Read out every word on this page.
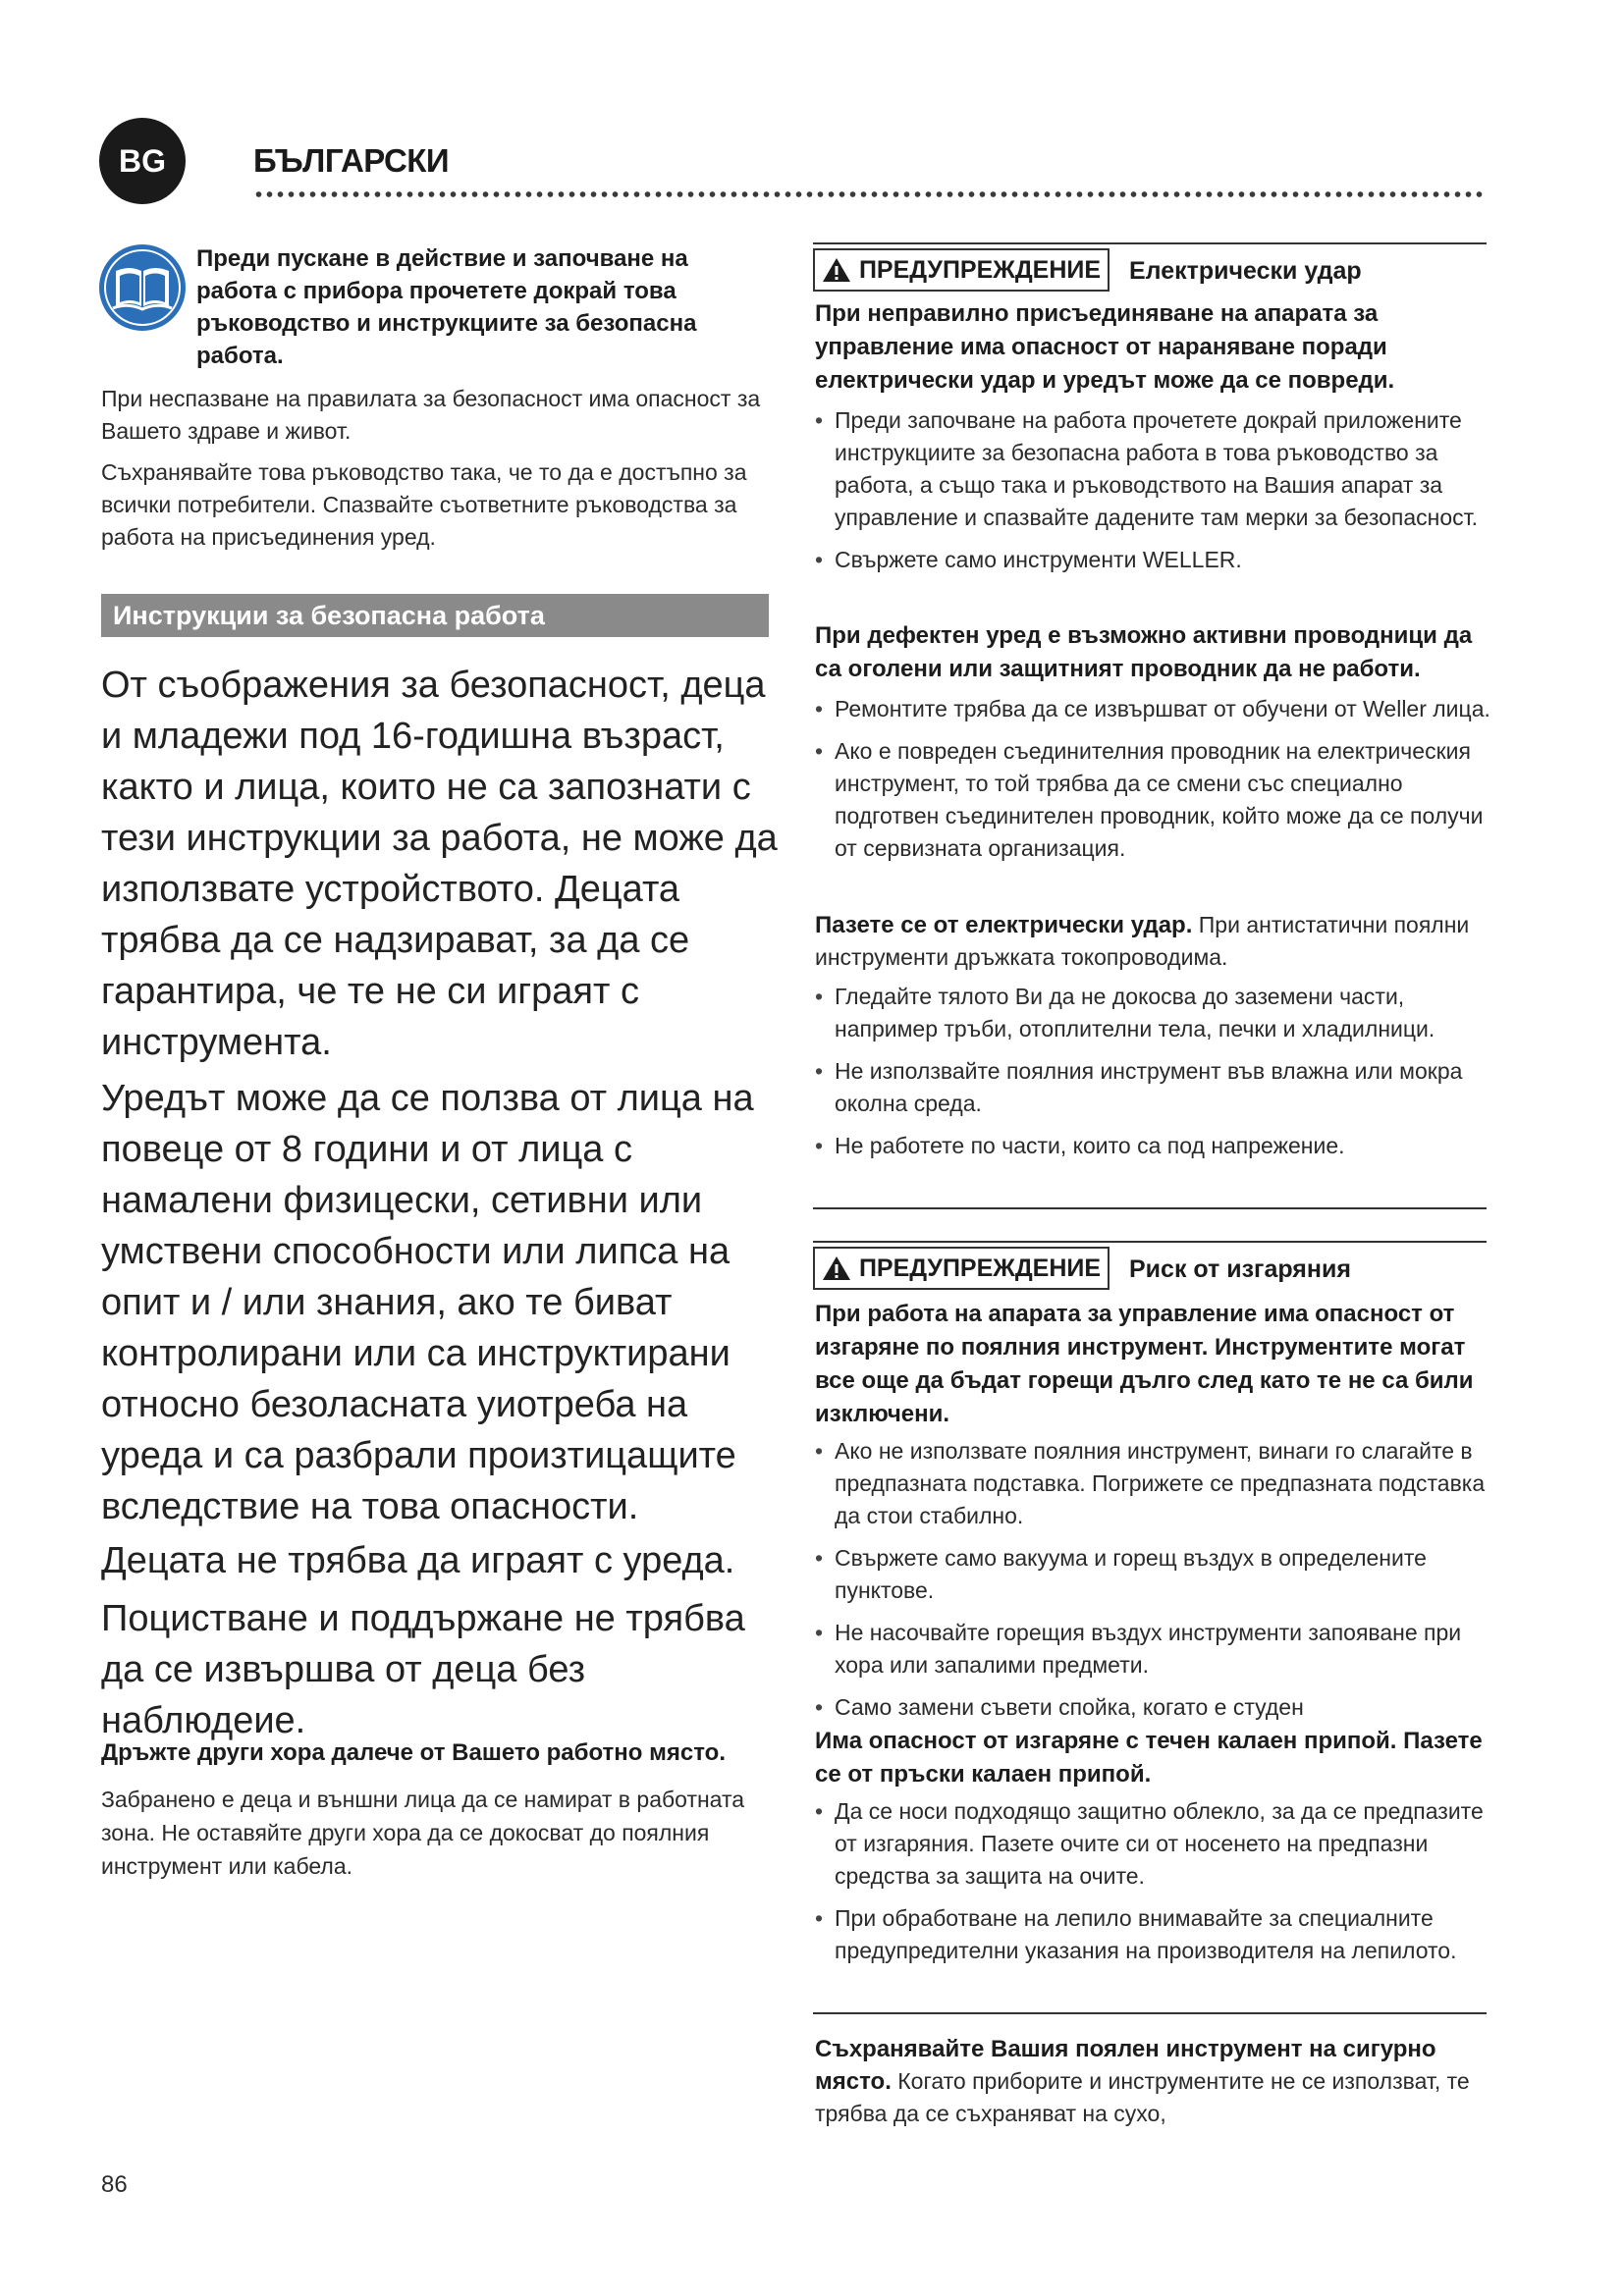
BG	БЪЛГАРСКИ
Преди пускане в действие и започване на работа с прибора прочетете докрай това ръководство и инструкциите за безопасна работа.
При неспазване на правилата за безопасност има опасност за Вашето здраве и живот.
Съхранявайте това ръководство така, че то да е достъпно за всички потребители. Спазвайте съответните ръководства за работа на присъединения уред.
Инструкции за безопасна работа
От съображения за безопасност, деца и младежи под 16-годишна възраст, както и лица, които не са запознати с тези инструкции за работа, не може да използвате устройството. Децата трябва да се надзирават, за да се гарантира, че те не си играят с инструмента.
Уредът може да се ползва от лица на повеце от 8 години и от лица с намалени физицески, сетивни или умствени способности или липса на опит и / или знания, ако те биват контролирани или са инструктирани относно безоласната уиотреба на уреда и са разбрали произтицащите вследствие на това опасности.
Децата не трябва да играят с уреда.
Поцистване и поддържане не трябва да се извършва от деца без наблюдеие.
Дръжте други хора далече от Вашето работно място.
Забранено е деца и външни лица да се намират в работната зона. Не оставяйте други хора да се докосват до поялния инструмент или кабела.
ПРЕДУПРЕЖДЕНИЕ Електрически удар
При неправилно присъединяване на апарата за управление има опасност от нараняване поради електрически удар и уредът може да се повреди.
• Преди започване на работа прочетете докрай приложените инструкциите за безопасна работа в това ръководство за работа, а също така и ръководството на Вашия апарат за управление и спазвайте дадените там мерки за безопасност.
• Свържете само инструменти WELLER.
При дефектен уред е възможно активни проводници да са оголени или защитният проводник да не работи.
• Ремонтите трябва да се извършват от обучени от Weller лица.
• Ако е повреден съединителния проводник на електрическия инструмент, то той трябва да се смени със специално подготвен съединителен проводник, който може да се получи от сервизната организация.
Пазете се от електрически удар. При антистатични поялни инструменти дръжката токопроводима.
• Гледайте тялото Ви да не докосва до заземени части, например тръби, отоплителни тела, печки и хладилници.
• Не използвайте поялния инструмент във влажна или мокра околна среда.
• Не работете по части, които са под напрежение.
ПРЕДУПРЕЖДЕНИЕ Риск от изгаряния
При работа на апарата за управление има опасност от изгаряне по поялния инструмент. Инструментите могат все още да бъдат горещи дълго след като те не са били изключени.
• Ако не използвате поялния инструмент, винаги го слагайте в предпазната подставка. Погрижете се предпазната подставка да стои стабилно.
• Свържете само вакуума и горещ въздух в определените пунктове.
• Не насочвайте горещия въздух инструменти запояване при хора или запалими предмети.
• Само замени съвети спойка, когато е студен
Има опасност от изгаряне с течен калаен припой. Пазете се от пръски калаен припой.
• Да се носи подходящо защитно облекло, за да се предпазите от изгаряния. Пазете очите си от носенето на предпазни средства за защита на очите.
• При обработване на лепило внимавайте за специалните предупредителни указания на производителя на лепилото.
Съхранявайте Вашия поялен инструмент на сигурно място. Когато приборите и инструментите не се използват, те трябва да се съхраняват на сухо,
86
